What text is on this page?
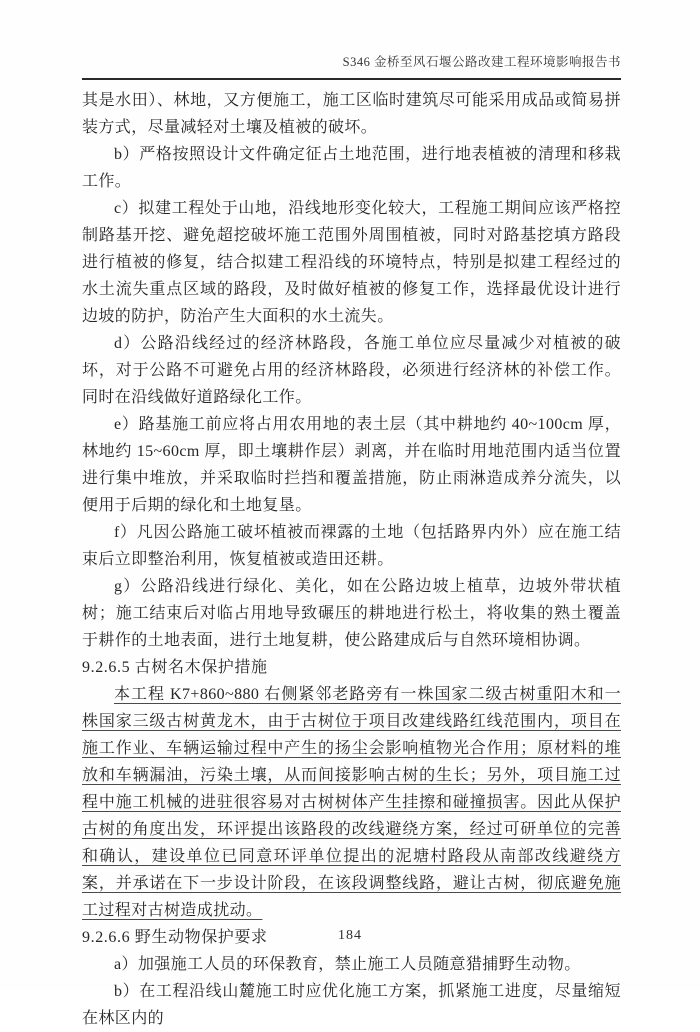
S346 金桥至风石堰公路改建工程环境影响报告书

其是水田）、林地，又方便施工，施工区临时建筑尽可能采用成品或简易拼装方式，尽量减轻对土壤及植被的破坏。

b）严格按照设计文件确定征占土地范围，进行地表植被的清理和移栽工作。

c）拟建工程处于山地，沿线地形变化较大，工程施工期间应该严格控制路基开挖、避免超挖破坏施工范围外周围植被，同时对路基挖填方路段进行植被的修复，结合拟建工程沿线的环境特点，特别是拟建工程经过的水土流失重点区域的路段，及时做好植被的修复工作，选择最优设计进行边坡的防护，防治产生大面积的水土流失。

d）公路沿线经过的经济林路段，各施工单位应尽量减少对植被的破坏，对于公路不可避免占用的经济林路段，必须进行经济林的补偿工作。同时在沿线做好道路绿化工作。

e）路基施工前应将占用农用地的表土层（其中耕地约 40~100cm 厚，林地约 15~60cm 厚，即土壤耕作层）剥离，并在临时用地范围内适当位置进行集中堆放，并采取临时拦挡和覆盖措施，防止雨淋造成养分流失，以便用于后期的绿化和土地复垦。

f）凡因公路施工破坏植被而裸露的土地（包括路界内外）应在施工结束后立即整治利用，恢复植被或造田还耕。

g）公路沿线进行绿化、美化，如在公路边坡上植草，边坡外带状植树；施工结束后对临占用地导致碾压的耕地进行松土，将收集的熟土覆盖于耕作的土地表面，进行土地复耕，使公路建成后与自然环境相协调。

9.2.6.5 古树名木保护措施

本工程 K7+860~880 右侧紧邻老路旁有一株国家二级古树重阳木和一株国家三级古树黄龙木，由于古树位于项目改建线路红线范围内，项目在施工作业、车辆运输过程中产生的扬尘会影响植物光合作用；原材料的堆放和车辆漏油，污染土壤，从而间接影响古树的生长；另外，项目施工过程中施工机械的进驻很容易对古树树体产生挂擦和碰撞损害。因此从保护古树的角度出发，环评提出该路段的改线避绕方案，经过可研单位的完善和确认，建设单位已同意环评单位提出的泥塘村路段从南部改线避绕方案，并承诺在下一步设计阶段，在该段调整线路，避让古树，彻底避免施工过程对古树造成扰动。

9.2.6.6 野生动物保护要求

a）加强施工人员的环保教育，禁止施工人员随意猎捕野生动物。

b）在工程沿线山麓施工时应优化施工方案，抓紧施工进度，尽量缩短在林区内的

184
